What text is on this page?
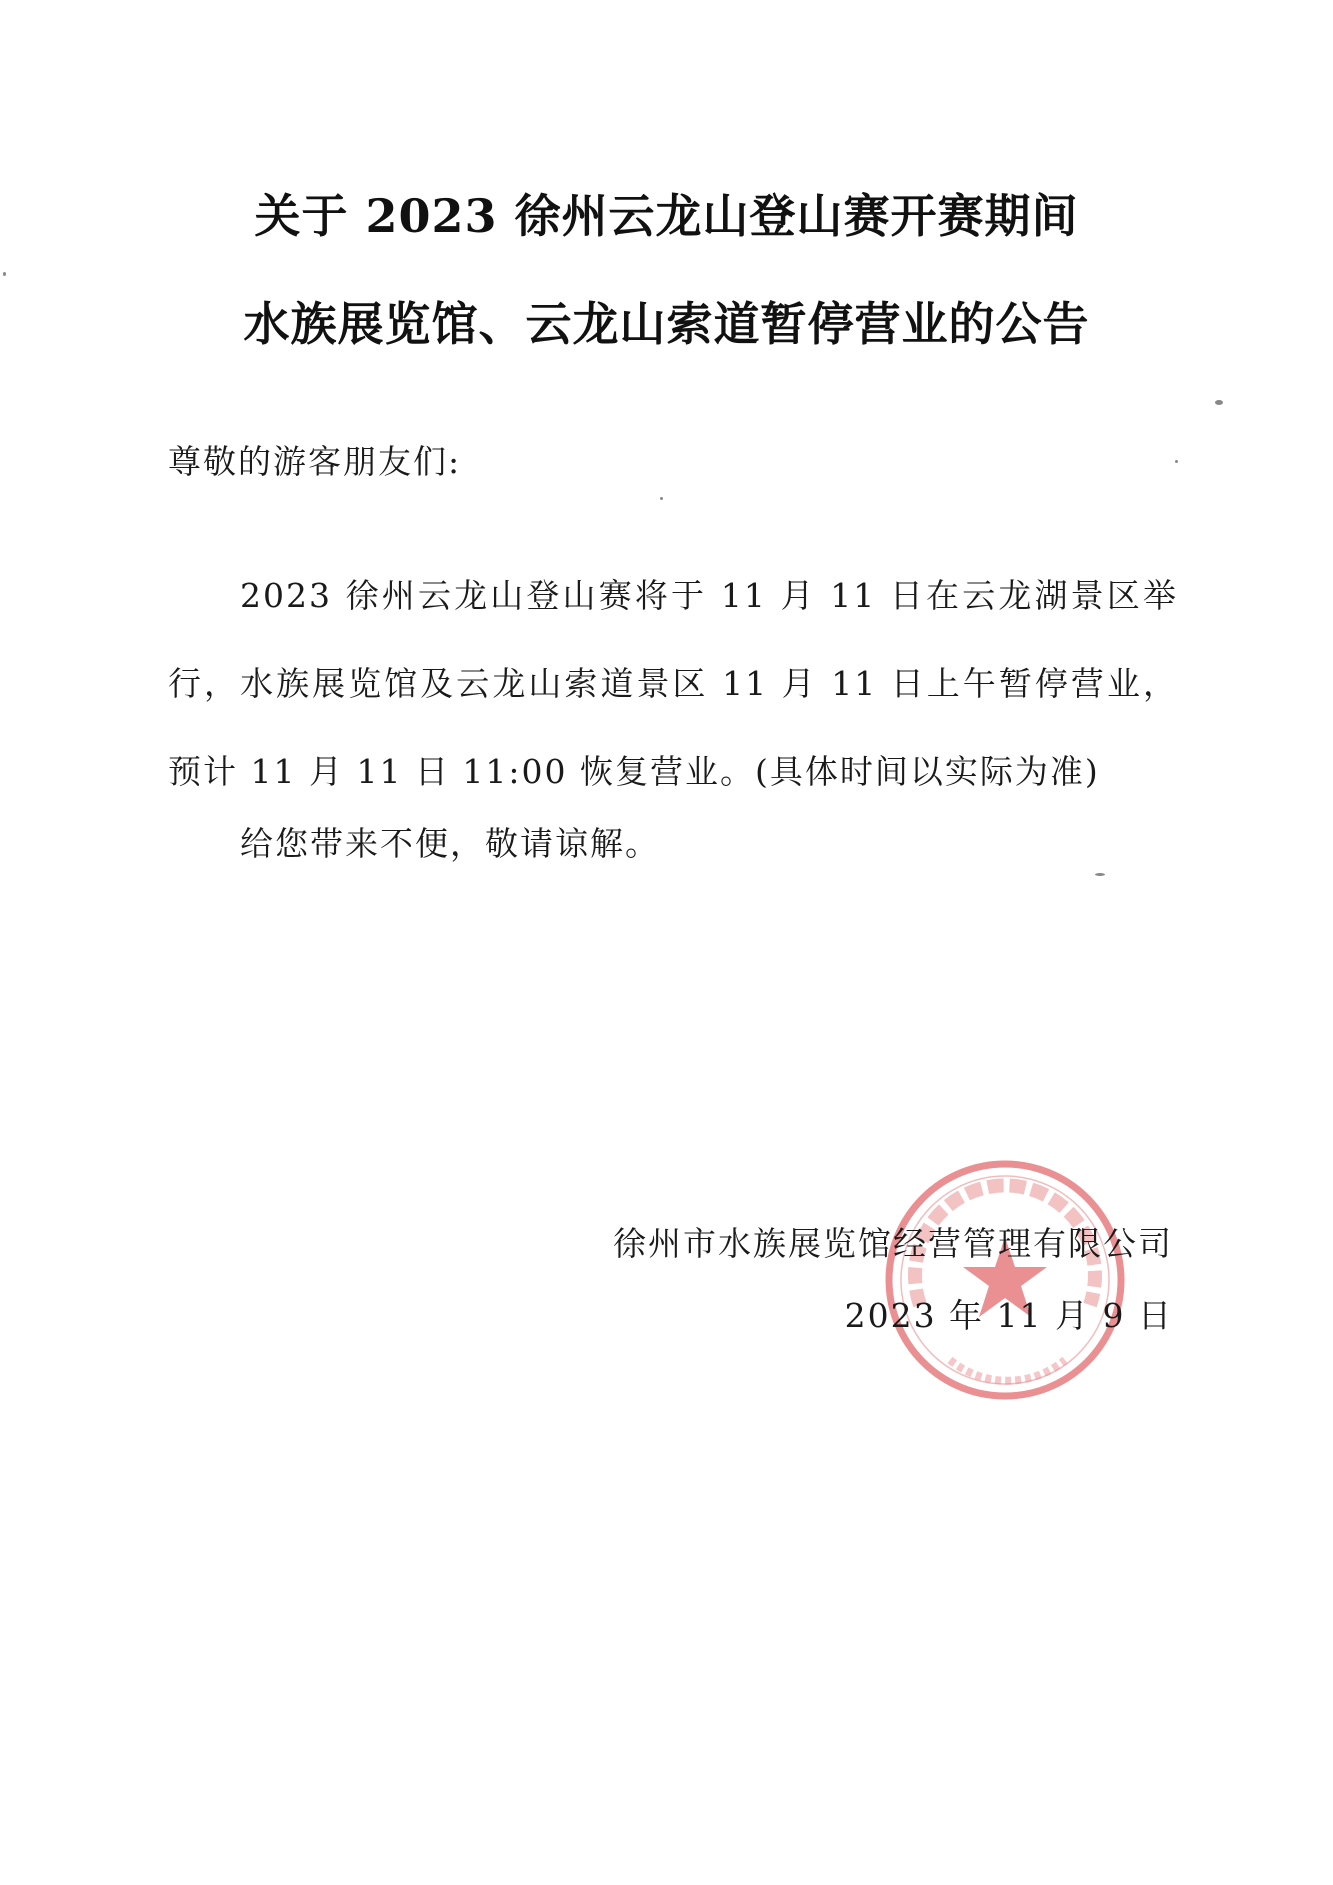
关于 2023 徐州云龙山登山赛开赛期间
水族展览馆、云龙山索道暂停营业的公告
尊敬的游客朋友们:
2023 徐州云龙山登山赛将于 11 月 11 日在云龙湖景区举行，水族展览馆及云龙山索道景区 11 月 11 日上午暂停营业，预计 11 月 11 日 11:00 恢复营业。(具体时间以实际为准)
给您带来不便，敬请谅解。
徐州市水族展览馆经营管理有限公司
2023 年 11 月 9 日
